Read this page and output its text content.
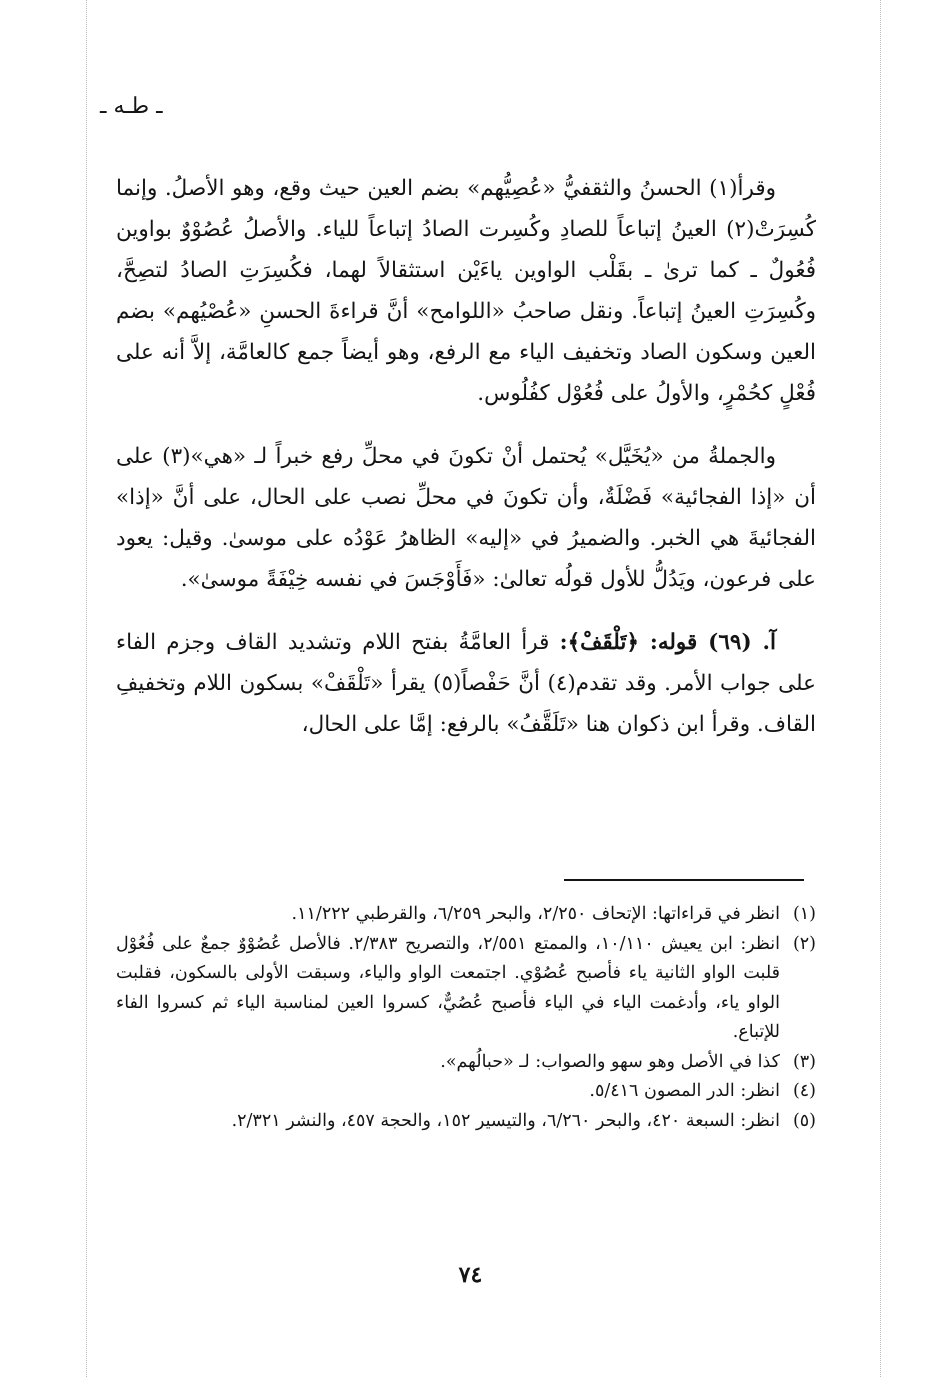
ـ طـه ـ

وقرأ(١) الحسنُ والثقفيُّ «عُصِيُّهم» بضم العين حيث وقع، وهو الأصلُ. وإنما كُسِرَتْ(٢) العينُ إتباعاً للصادِ وكُسِرت الصادُ إتباعاً للياء. والأصلُ عُصُوْوٌ بواوين فُعُولٌ ـ كما ترىٰ ـ بقَلْب الواوين ياءَيْن استثقالاً لهما، فكُسِرَتِ الصادُ لتصِحَّ، وكُسِرَتِ العينُ إتباعاً. ونقل صاحبُ «اللوامح» أنَّ قراءةَ الحسنِ «عُصْيُهم» بضم العين وسكون الصاد وتخفيف الياء مع الرفع، وهو أيضاً جمع كالعامَّة، إلاَّ أنه على فُعْلٍ كحُمْرٍ، والأولُ على فُعُوْل كفُلُوس.

والجملةُ من «يُخَيَّل» يُحتمل أنْ تكونَ في محلِّ رفع خبراً لـ «هي»(٣) على أن «إذا الفجائية» فَضْلَةٌ، وأن تكونَ في محلِّ نصب على الحال، على أنَّ «إذا» الفجائيةَ هي الخبر. والضميرُ في «إليه» الظاهرُ عَوْدُه على موسىٰ. وقيل: يعود على فرعون، ويَدُلُّ للأول قولُه تعالىٰ: «فَأَوْجَسَ في نفسه خِيْفَةً موسىٰ».

آ. (٦٩) قوله: ﴿تَلْقَفْ﴾: قرأ العامَّةُ بفتح اللام وتشديد القاف وجزم الفاء على جواب الأمر. وقد تقدم(٤) أنَّ حَفْصاً(٥) يقرأ «تَلْقَفْ» بسكون اللام وتخفيفِ القاف. وقرأ ابن ذكوان هنا «تَلَقَّفُ» بالرفع: إمَّا على الحال،

(١)
انظر في قراءاتها: الإتحاف ٢/٢٥٠، والبحر ٦/٢٥٩، والقرطبي ١١/٢٢٢.
(٢)
انظر: ابن يعيش ١٠/١١٠، والممتع ٢/٥٥١، والتصريح ٢/٣٨٣. فالأصل عُصُوْوٌ جمعٌ على فُعُوْل قلبت الواو الثانية ياء فأصبح عُصُوْي. اجتمعت الواو والياء، وسبقت الأولى بالسكون، فقلبت الواو ياء، وأدغمت الياء في الياء فأصبح عُصُيٌّ، كسروا العين لمناسبة الياء ثم كسروا الفاء للإتباع.
(٣)
كذا في الأصل وهو سهو والصواب: لـ «حبالُهم».
(٤)
انظر: الدر المصون ٥/٤١٦.
(٥)
انظر: السبعة ٤٢٠، والبحر ٦/٢٦٠، والتيسير ١٥٢، والحجة ٤٥٧، والنشر ٢/٣٢١.
٧٤
